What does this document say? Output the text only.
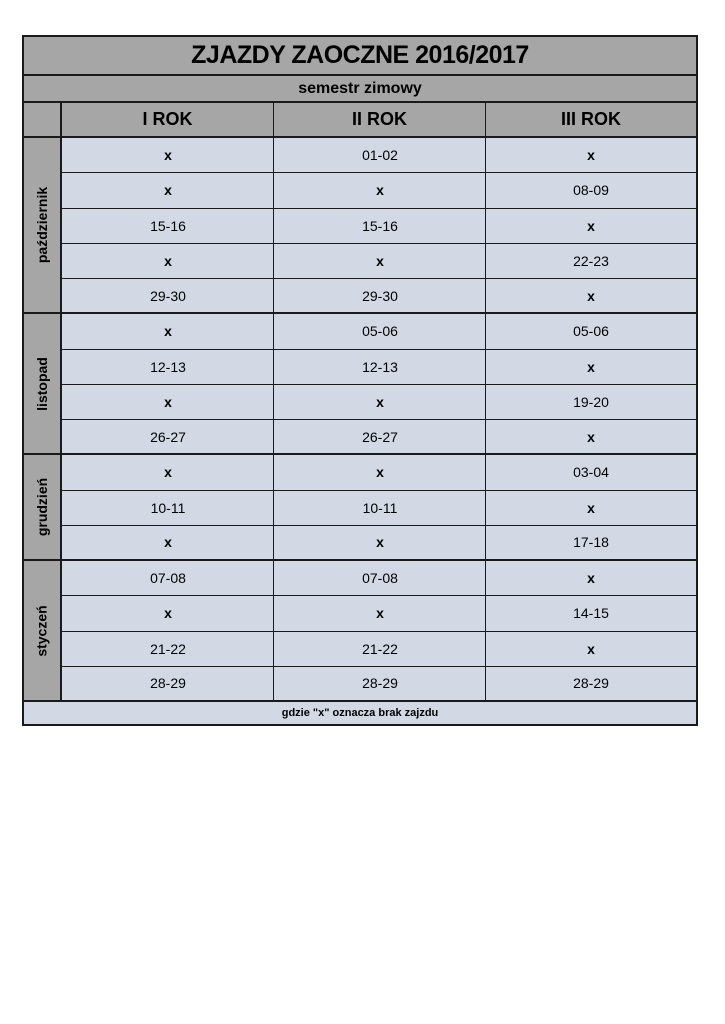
ZJAZDY ZAOCZNE 2016/2017
semestr zimowy
I ROK	II ROK	III ROK
październik
x	01-02	x
x	x	08-09
15-16	15-16	x
x	x	22-23
29-30	29-30	x
listopad
x	05-06	05-06
12-13	12-13	x
x	x	19-20
26-27	26-27	x
grudzień
x	x	03-04
10-11	10-11	x
x	x	17-18
styczeń
07-08	07-08	x
x	x	14-15
21-22	21-22	x
28-29	28-29	28-29
gdzie "x" oznacza brak zajzdu
